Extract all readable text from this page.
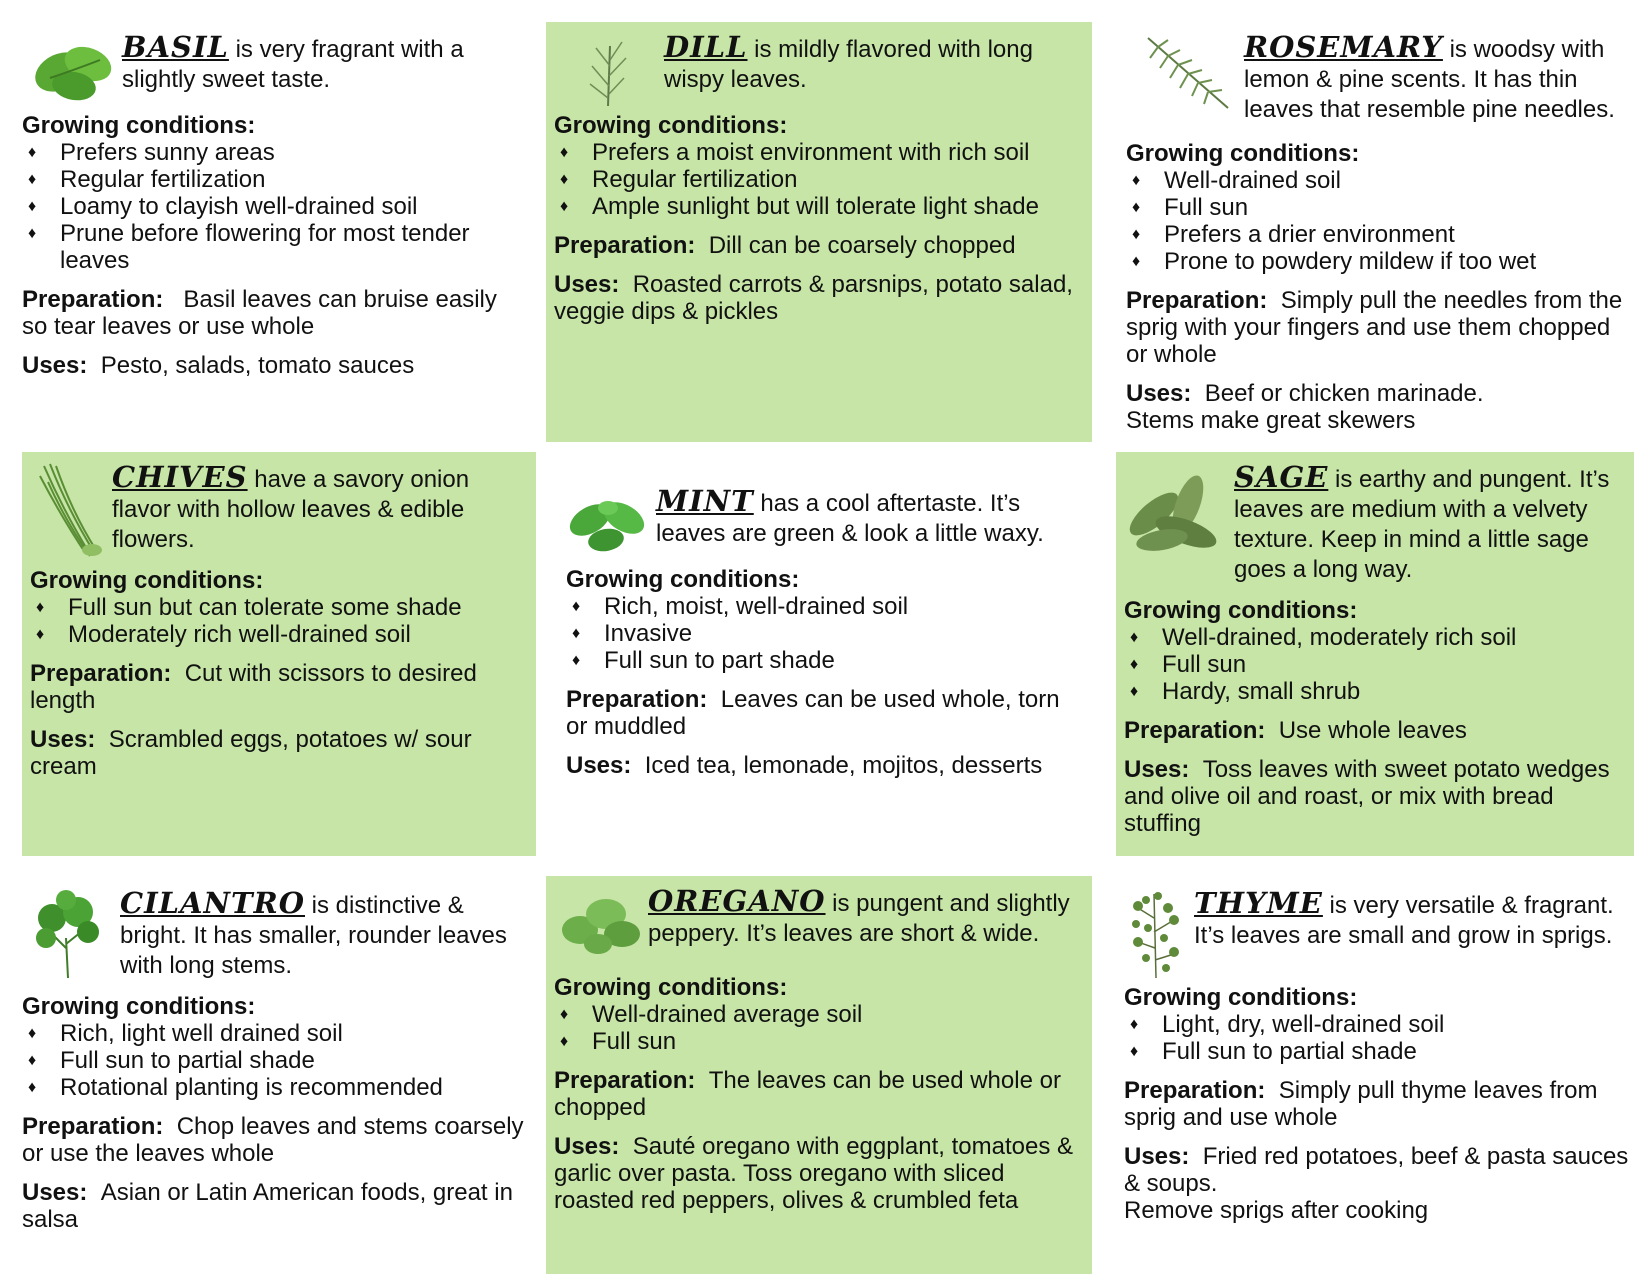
BASIL is very fragrant with a slightly sweet taste.

Growing conditions:

♦ Prefers sunny areas
♦ Regular fertilization
♦ Loamy to clayish well-drained soil
♦ Prune before flowering for most tender leaves

Preparation: Basil leaves can bruise easily so tear leaves or use whole

Uses: Pesto, salads, tomato sauces

DILL is mildly flavored with long wispy leaves.

Growing conditions:

♦ Prefers a moist environment with rich soil
♦ Regular fertilization
♦ Ample sunlight but will tolerate light shade

Preparation: Dill can be coarsely chopped

Uses: Roasted carrots & parsnips, potato salad, veggie dips & pickles

ROSEMARY is woodsy with lemon & pine scents. It has thin leaves that resemble pine needles.

Growing conditions:

♦ Well-drained soil
♦ Full sun
♦ Prefers a drier environment
♦ Prone to powdery mildew if too wet

Preparation: Simply pull the needles from the sprig with your fingers and use them chopped or whole

Uses: Beef or chicken marinade.

Stems make great skewers

CHIVES have a savory onion flavor with hollow leaves & edible flowers.

Growing conditions:

♦ Full sun but can tolerate some shade
♦ Moderately rich well-drained soil

Preparation: Cut with scissors to desired length

Uses: Scrambled eggs, potatoes w/ sour cream

MINT has a cool aftertaste. It’s leaves are green & look a little waxy.

Growing conditions:

♦ Rich, moist, well-drained soil
♦ Invasive
♦ Full sun to part shade

Preparation: Leaves can be used whole, torn or muddled

Uses: Iced tea, lemonade, mojitos, desserts

SAGE is earthy and pungent. It’s leaves are medium with a velvety texture. Keep in mind a little sage goes a long way.

Growing conditions:

♦ Well-drained, moderately rich soil
♦ Full sun
♦ Hardy, small shrub

Preparation: Use whole leaves

Uses: Toss leaves with sweet potato wedges and olive oil and roast, or mix with bread stuffing

CILANTRO is distinctive & bright. It has smaller, rounder leaves with long stems.

Growing conditions:

♦ Rich, light well drained soil
♦ Full sun to partial shade
♦ Rotational planting is recommended

Preparation: Chop leaves and stems coarsely or use the leaves whole

Uses: Asian or Latin American foods, great in salsa

OREGANO is pungent and slightly peppery. It’s leaves are short & wide.

Growing conditions:

♦ Well-drained average soil
♦ Full sun

Preparation: The leaves can be used whole or chopped

Uses: Sauté oregano with eggplant, tomatoes & garlic over pasta. Toss oregano with sliced roasted red peppers, olives & crumbled feta

THYME is very versatile & fragrant. It’s leaves are small and grow in sprigs.

Growing conditions:

♦ Light, dry, well-drained soil
♦ Full sun to partial shade

Preparation: Simply pull thyme leaves from sprig and use whole

Uses: Fried red potatoes, beef & pasta sauces & soups.

Remove sprigs after cooking
